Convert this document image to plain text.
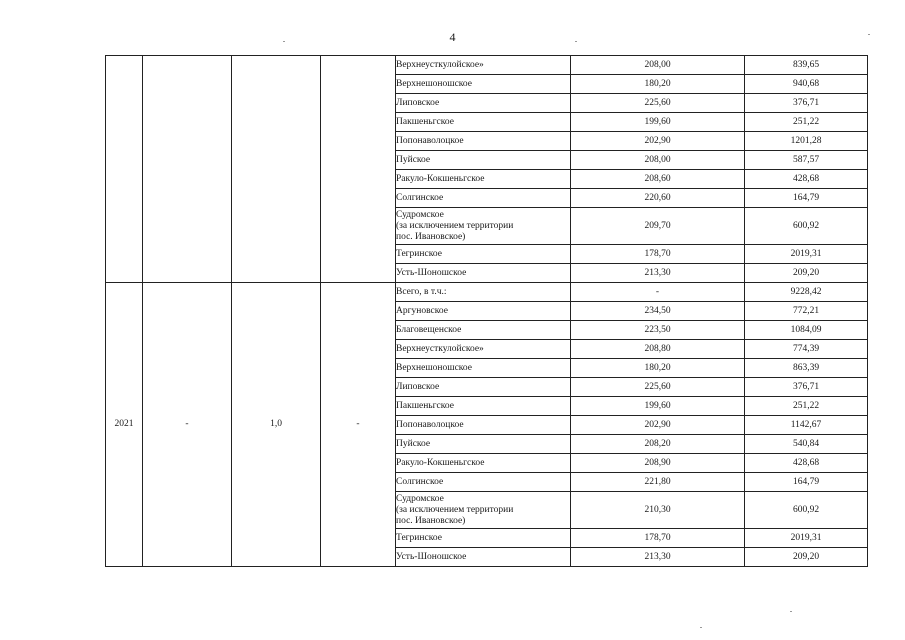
4
				Верхнеусткулойское»	208,00	839,65
				Верхнешоношское	180,20	940,68
				Липовское	225,60	376,71
				Пакшеньгское	199,60	251,22
				Попонаволоцкое	202,90	1201,28
				Пуйское	208,00	587,57
				Ракуло-Кокшеньгское	208,60	428,68
				Солгинское	220,60	164,79
				Судромское
(за исключением территории
пос. Ивановское)	209,70	600,92
				Тегринское	178,70	2019,31
				Усть-Шоношское	213,30	209,20
2021	-	1,0	-	Всего, в т.ч.:	-	9228,42
				Аргуновское	234,50	772,21
				Благовещенское	223,50	1084,09
				Верхнеусткулойское»	208,80	774,39
				Верхнешоношское	180,20	863,39
				Липовское	225,60	376,71
				Пакшеньгское	199,60	251,22
				Попонаволоцкое	202,90	1142,67
				Пуйское	208,20	540,84
				Ракуло-Кокшеньгское	208,90	428,68
				Солгинское	221,80	164,79
				Судромское
(за исключением территории
пос. Ивановское)	210,30	600,92
				Тегринское	178,70	2019,31
				Усть-Шоношское	213,30	209,20
